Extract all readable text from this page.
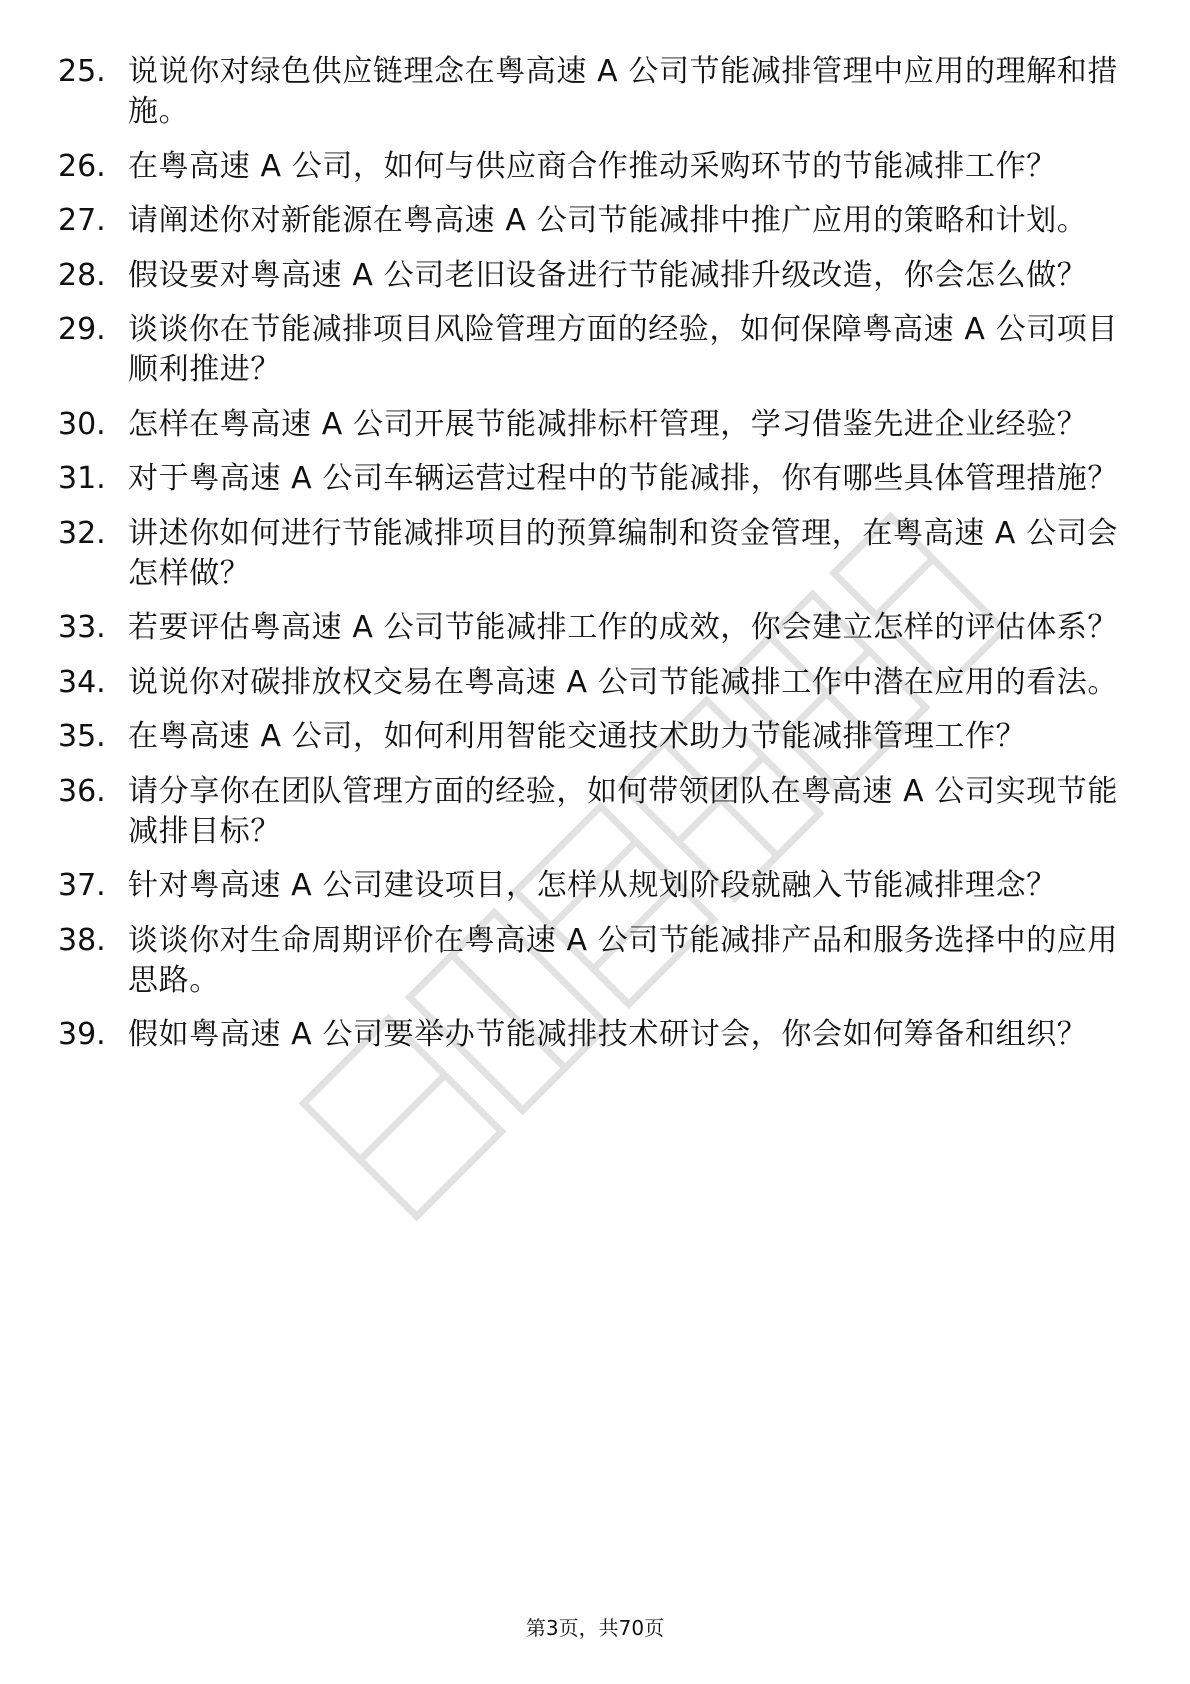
25. 说说你对绿色供应链理念在粤高速 A 公司节能减排管理中应用的理解和措施。
26. 在粤高速 A 公司，如何与供应商合作推动采购环节的节能减排工作？
27. 请阐述你对新能源在粤高速 A 公司节能减排中推广应用的策略和计划。
28. 假设要对粤高速 A 公司老旧设备进行节能减排升级改造，你会怎么做？
29. 谈谈你在节能减排项目风险管理方面的经验，如何保障粤高速 A 公司项目顺利推进？
30. 怎样在粤高速 A 公司开展节能减排标杆管理，学习借鉴先进企业经验？
31. 对于粤高速 A 公司车辆运营过程中的节能减排，你有哪些具体管理措施？
32. 讲述你如何进行节能减排项目的预算编制和资金管理，在粤高速 A 公司会怎样做？
33. 若要评估粤高速 A 公司节能减排工作的成效，你会建立怎样的评估体系？
34. 说说你对碳排放权交易在粤高速 A 公司节能减排工作中潜在应用的看法。
35. 在粤高速 A 公司，如何利用智能交通技术助力节能减排管理工作？
36. 请分享你在团队管理方面的经验，如何带领团队在粤高速 A 公司实现节能减排目标？
37. 针对粤高速 A 公司建设项目，怎样从规划阶段就融入节能减排理念？
38. 谈谈你对生命周期评价在粤高速 A 公司节能减排产品和服务选择中的应用思路。
39. 假如粤高速 A 公司要举办节能减排技术研讨会，你会如何筹备和组织？
第3页，共70页
